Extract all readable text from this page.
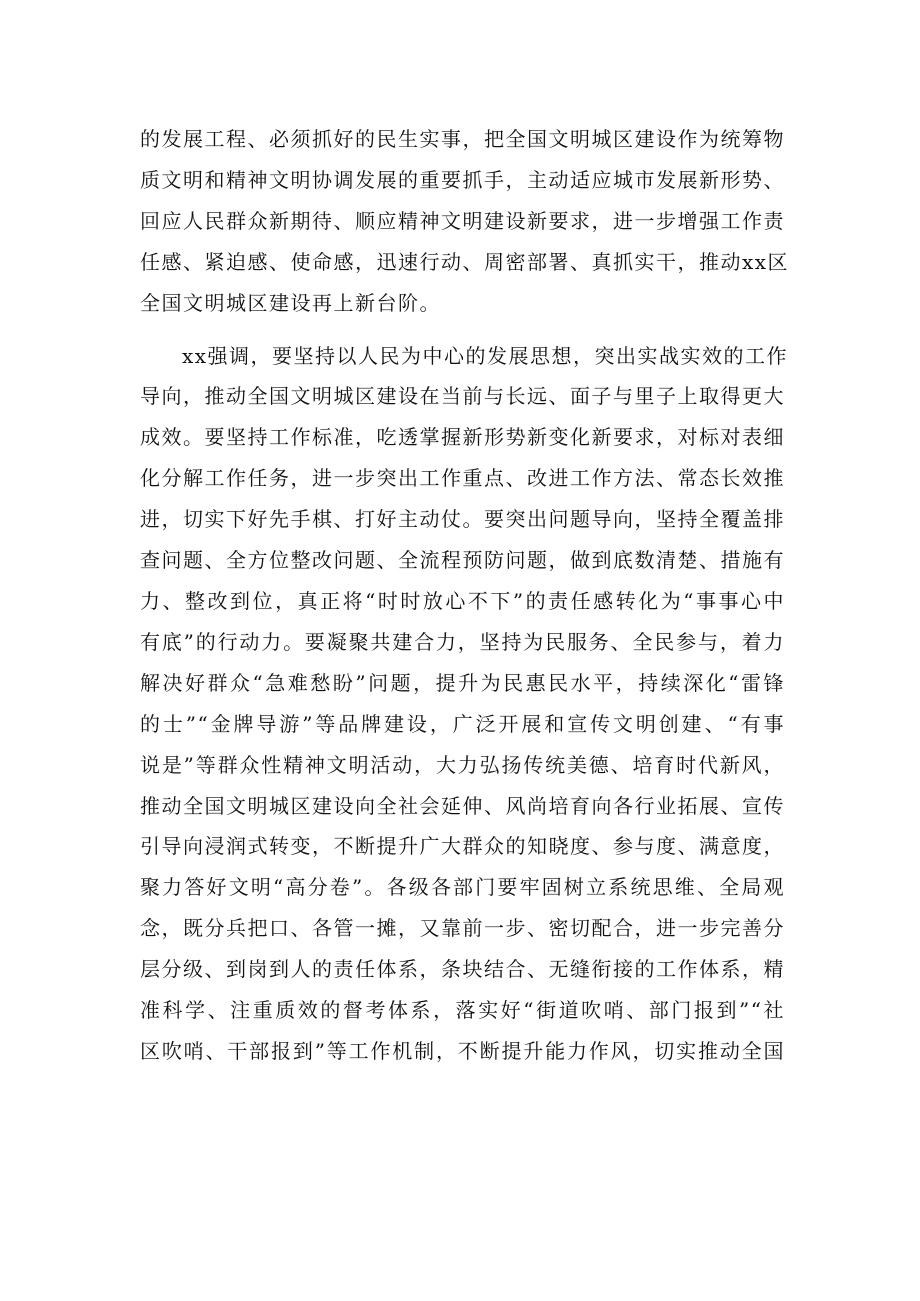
的发展工程、必须抓好的民生实事，把全国文明城区建设作为统筹物
质文明和精神文明协调发展的重要抓手，主动适应城市发展新形势、
回应人民群众新期待、顺应精神文明建设新要求，进一步增强工作责
任感、紧迫感、使命感，迅速行动、周密部署、真抓实干，推动xx区
全国文明城区建设再上新台阶。
xx强调，要坚持以人民为中心的发展思想，突出实战实效的工作
导向，推动全国文明城区建设在当前与长远、面子与里子上取得更大
成效。要坚持工作标准，吃透掌握新形势新变化新要求，对标对表细
化分解工作任务，进一步突出工作重点、改进工作方法、常态长效推
进，切实下好先手棋、打好主动仗。要突出问题导向，坚持全覆盖排
查问题、全方位整改问题、全流程预防问题，做到底数清楚、措施有
力、整改到位，真正将“时时放心不下”的责任感转化为“事事心中
有底”的行动力。要凝聚共建合力，坚持为民服务、全民参与，着力
解决好群众“急难愁盼”问题，提升为民惠民水平，持续深化“雷锋
的士”“金牌导游”等品牌建设，广泛开展和宣传文明创建、“有事
说是”等群众性精神文明活动，大力弘扬传统美德、培育时代新风，
推动全国文明城区建设向全社会延伸、风尚培育向各行业拓展、宣传
引导向浸润式转变，不断提升广大群众的知晓度、参与度、满意度，
聚力答好文明“高分卷”。各级各部门要牢固树立系统思维、全局观
念，既分兵把口、各管一摊，又靠前一步、密切配合，进一步完善分
层分级、到岗到人的责任体系，条块结合、无缝衔接的工作体系，精
准科学、注重质效的督考体系，落实好“街道吹哨、部门报到”“社
区吹哨、干部报到”等工作机制，不断提升能力作风，切实推动全国
